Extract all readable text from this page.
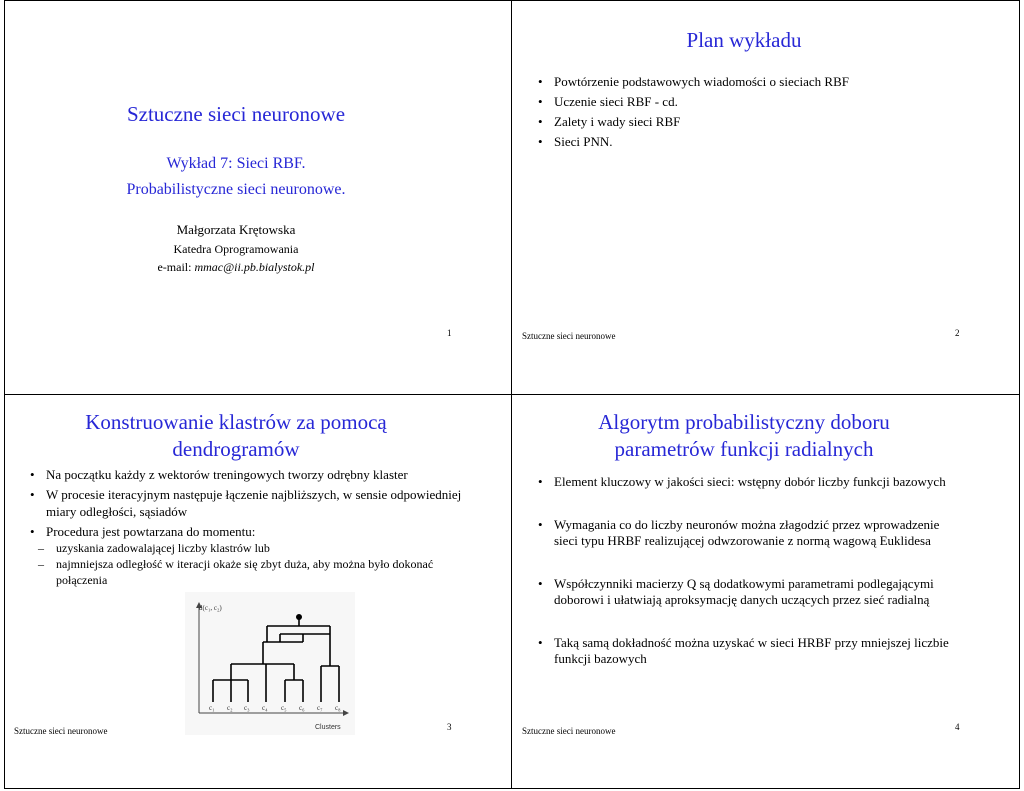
Sztuczne sieci neuronowe
Wykład 7: Sieci RBF.
Probabilistyczne sieci neuronowe.
Małgorzata Krętowska
Katedra Oprogramowania
e-mail: mmac@ii.pb.bialystok.pl
1
Plan wykładu
• Powtórzenie podstawowych wiadomości o sieciach RBF
• Uczenie sieci RBF - cd.
• Zalety i wady sieci RBF
• Sieci PNN.
Sztuczne sieci neuronowe	2
Konstruowanie klastrów za pomocą
dendrogramów
• Na początku każdy z wektorów treningowych tworzy odrębny klaster
• W procesie iteracyjnym następuje łączenie najbliższych, w sensie odpowiedniej miary odległości, sąsiadów
• Procedura jest powtarzana do momentu:
– uzyskania zadowalającej liczby klastrów lub
– najmniejsza odległość w iteracji okaże się zbyt duża, aby można było dokonać połączenia
d(c₁, c₂)
Clusters
c₁ c₂ c₃ c₄ c₅ c₆ c₇ c₈
Sztuczne sieci neuronowe	3
Algorytm probabilistyczny doboru
parametrów funkcji radialnych
• Element kluczowy w jakości sieci: wstępny dobór liczby funkcji bazowych
• Wymagania co do liczby neuronów można złagodzić przez wprowadzenie sieci typu HRBF realizującej odwzorowanie z normą wagową Euklidesa
• Współczynniki macierzy Q są dodatkowymi parametrami podlegającymi doborowi i ułatwiają aproksymację danych uczących przez sieć radialną
• Taką samą dokładność można uzyskać w sieci HRBF przy mniejszej liczbie funkcji bazowych
Sztuczne sieci neuronowe	4
